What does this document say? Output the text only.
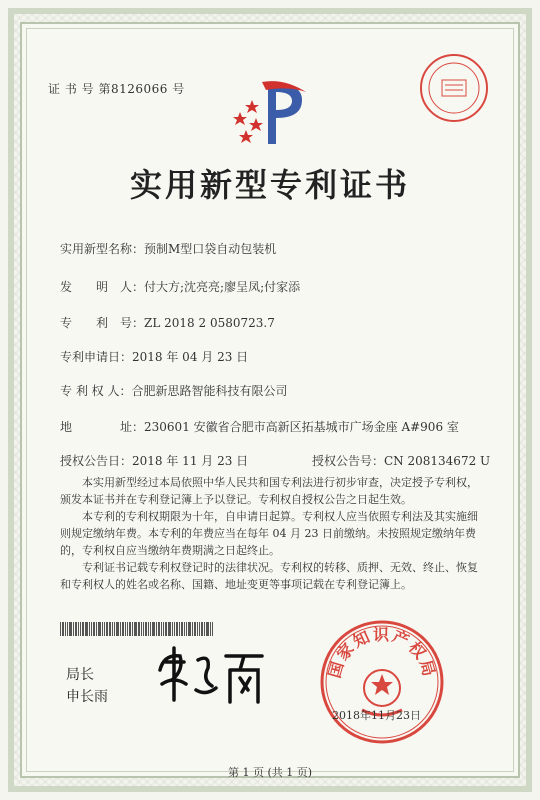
证 书 号 第8126066 号
实用新型专利证书
实用新型名称：预制M型口袋自动包装机
发　　明　人：付大方;沈亮亮;廖呈凤;付家添
专　　利　号：ZL 2018 2 0580723.7
专利申请日：2018 年 04 月 23 日
专 利 权 人：合肥新思路智能科技有限公司
地　　　　址：230601 安徽省合肥市高新区拓基城市广场金座 A#906 室
授权公告日：2018 年 11 月 23 日	授权公告号：CN 208134672 U

本实用新型经过本局依照中华人民共和国专利法进行初步审查，决定授予专利权，颁发本证书并在专利登记簿上予以登记。专利权自授权公告之日起生效。

本专利的专利权期限为十年，自申请日起算。专利权人应当依照专利法及其实施细则规定缴纳年费。本专利的年费应当在每年 04 月 23 日前缴纳。未按照规定缴纳年费的，专利权自应当缴纳年费期满之日起终止。

专利证书记载专利权登记时的法律状况。专利权的转移、质押、无效、终止、恢复和专利权人的姓名或名称、国籍、地址变更等事项记载在专利登记簿上。

局长
申长雨
国家知识产权局
2018年11月23日
第 1 页 (共 1 页)
